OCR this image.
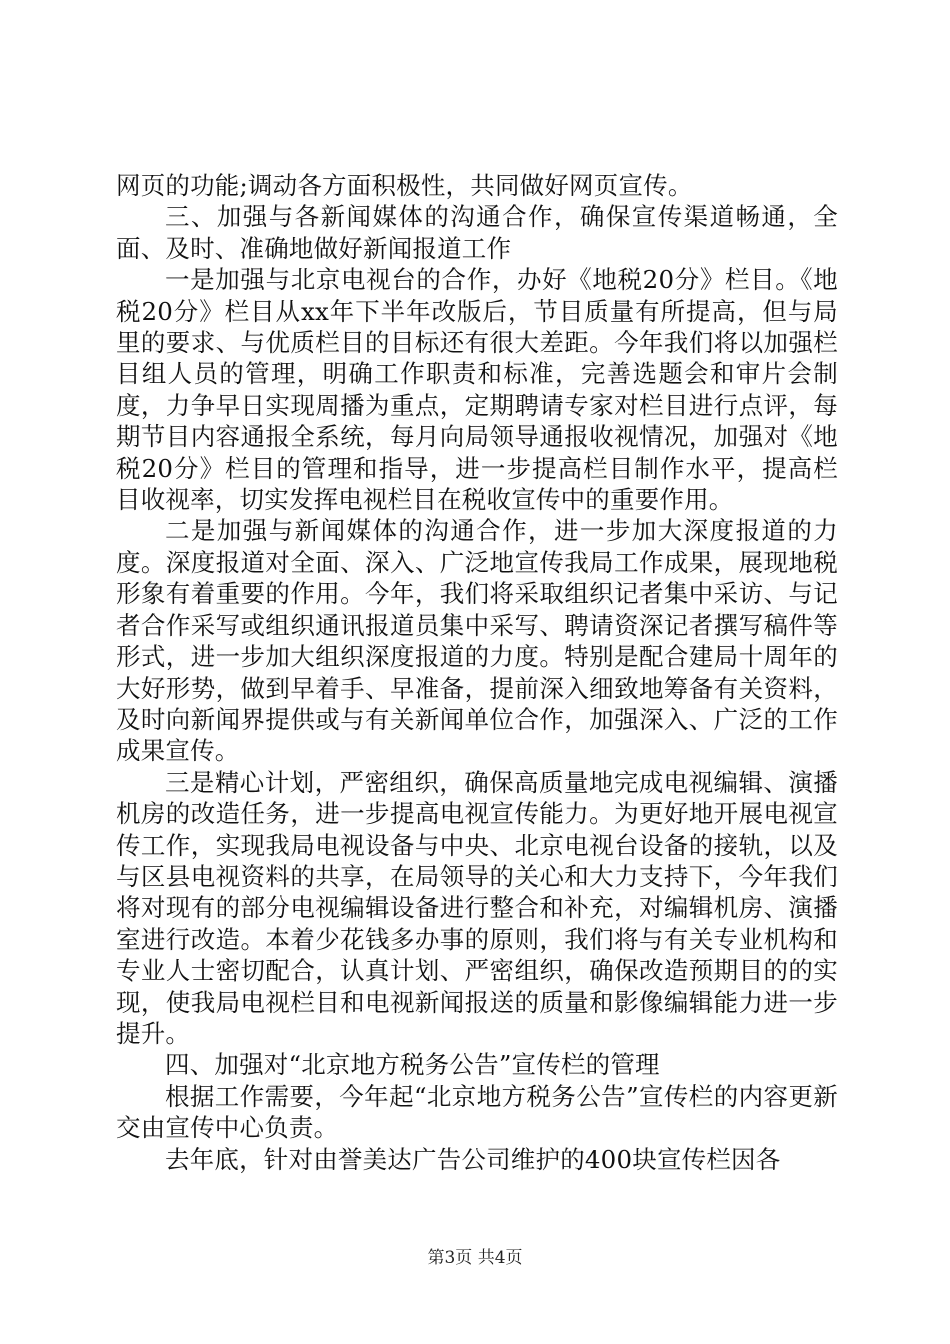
网页的功能;调动各方面积极性，共同做好网页宣传。

三、加强与各新闻媒体的沟通合作，确保宣传渠道畅通，全面、及时、准确地做好新闻报道工作

一是加强与北京电视台的合作，办好《地税20分》栏目。《地税20分》栏目从xx年下半年改版后，节目质量有所提高，但与局里的要求、与优质栏目的目标还有很大差距。今年我们将以加强栏目组人员的管理，明确工作职责和标准，完善选题会和审片会制度，力争早日实现周播为重点，定期聘请专家对栏目进行点评，每期节目内容通报全系统，每月向局领导通报收视情况，加强对《地税20分》栏目的管理和指导，进一步提高栏目制作水平，提高栏目收视率，切实发挥电视栏目在税收宣传中的重要作用。

二是加强与新闻媒体的沟通合作，进一步加大深度报道的力度。深度报道对全面、深入、广泛地宣传我局工作成果，展现地税形象有着重要的作用。今年，我们将采取组织记者集中采访、与记者合作采写或组织通讯报道员集中采写、聘请资深记者撰写稿件等形式，进一步加大组织深度报道的力度。特别是配合建局十周年的大好形势，做到早着手、早准备，提前深入细致地筹备有关资料，及时向新闻界提供或与有关新闻单位合作，加强深入、广泛的工作成果宣传。

三是精心计划，严密组织，确保高质量地完成电视编辑、演播机房的改造任务，进一步提高电视宣传能力。为更好地开展电视宣传工作，实现我局电视设备与中央、北京电视台设备的接轨，以及与区县电视资料的共享，在局领导的关心和大力支持下，今年我们将对现有的部分电视编辑设备进行整合和补充，对编辑机房、演播室进行改造。本着少花钱多办事的原则，我们将与有关专业机构和专业人士密切配合，认真计划、严密组织，确保改造预期目的的实现，使我局电视栏目和电视新闻报送的质量和影像编辑能力进一步提升。

四、加强对“北京地方税务公告”宣传栏的管理

根据工作需要，今年起“北京地方税务公告”宣传栏的内容更新交由宣传中心负责。

去年底，针对由誉美达广告公司维护的400块宣传栏因各

第3页 共4页
